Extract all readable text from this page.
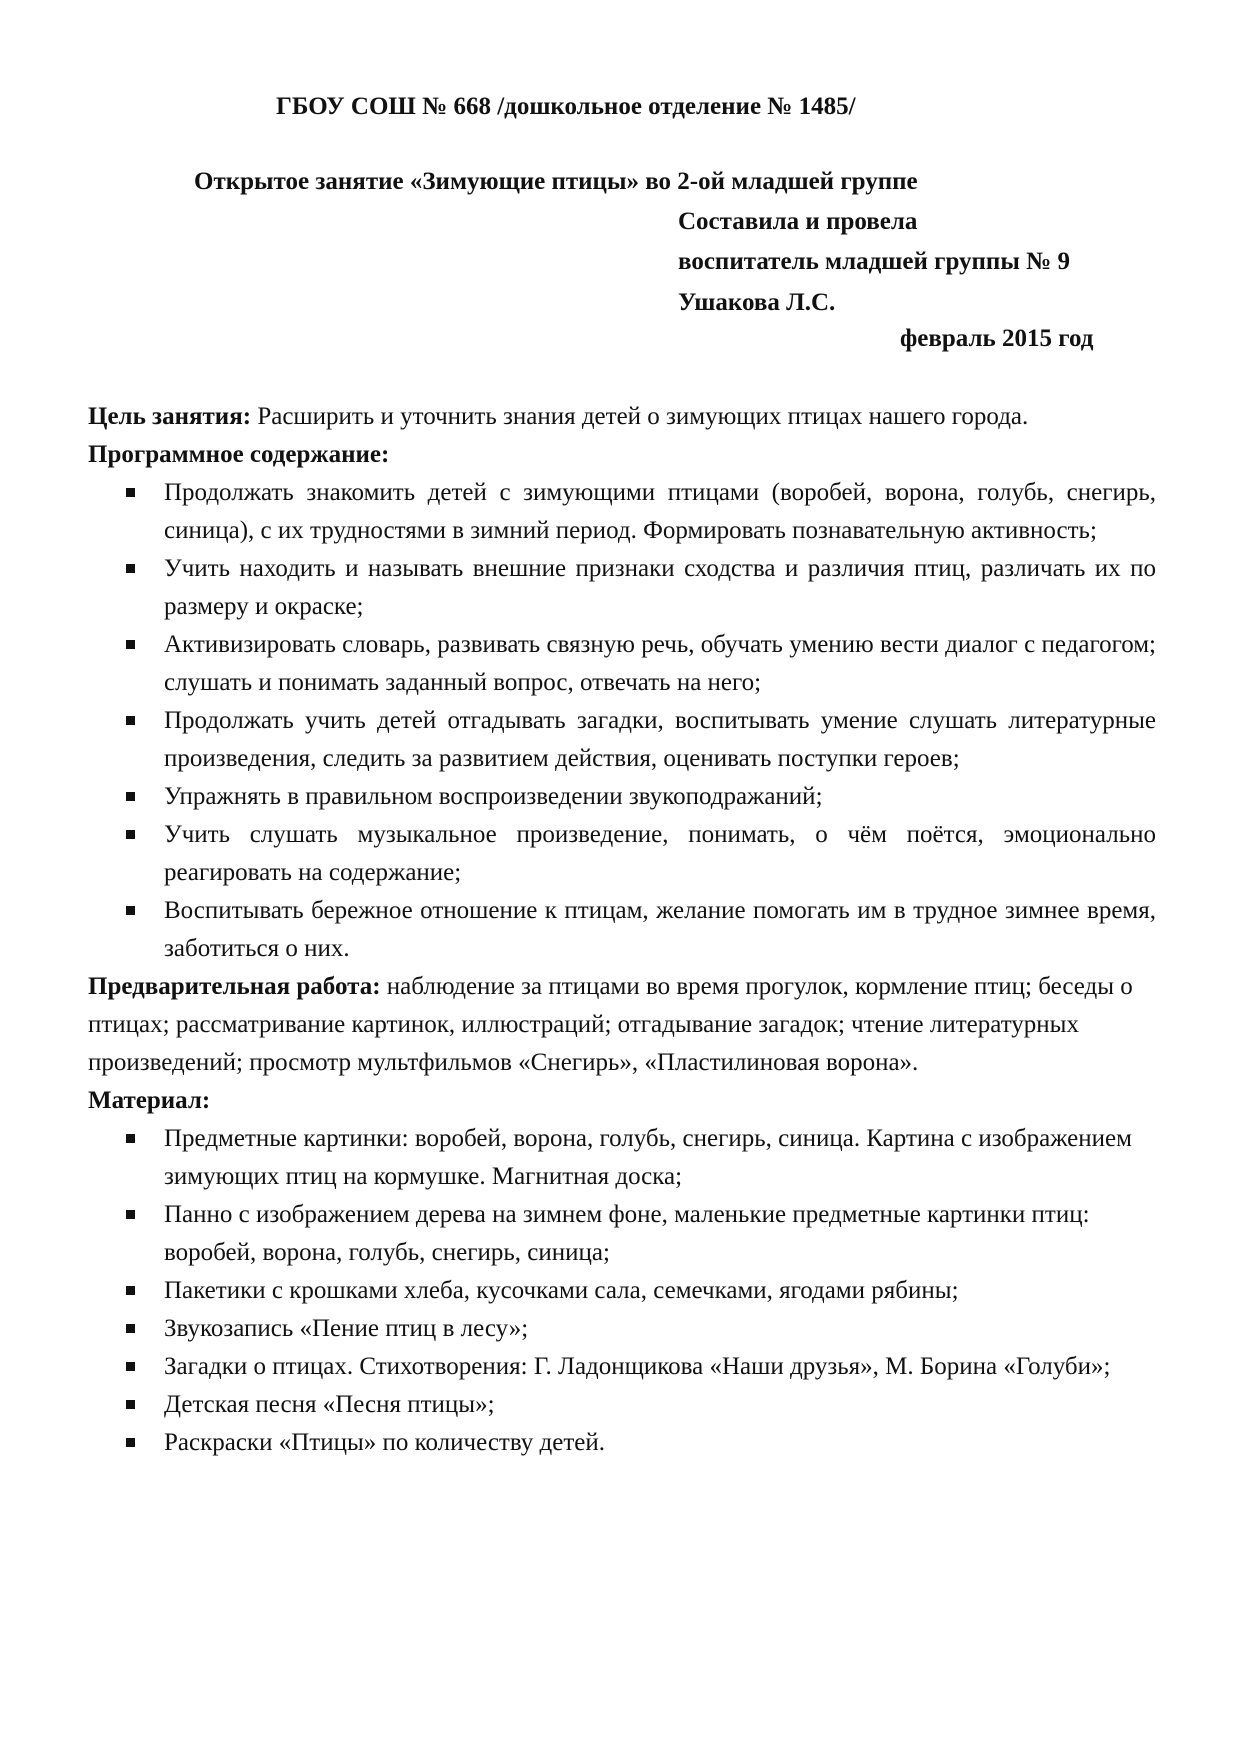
ГБОУ СОШ № 668 /дошкольное отделение № 1485/
Открытое занятие «Зимующие птицы» во 2-ой младшей группе
Составила и провела
воспитатель младшей группы № 9
Ушакова Л.С.
февраль 2015 год

Цель занятия: Расширить и уточнить знания детей о зимующих птицах нашего города.

Программное содержание:

Продолжать знакомить детей с зимующими птицами (воробей, ворона, голубь, снегирь, синица), с их трудностями в зимний период. Формировать познавательную активность;
Учить находить и называть внешние признаки сходства и различия птиц, различать их по размеру и окраске;
Активизировать словарь, развивать связную речь, обучать умению вести диалог с педагогом; слушать и понимать заданный вопрос, отвечать на него;
Продолжать учить детей отгадывать загадки, воспитывать умение слушать литературные произведения, следить за развитием действия, оценивать поступки героев;
Упражнять в правильном воспроизведении звукоподражаний;
Учить слушать музыкальное произведение, понимать, о чём поётся, эмоционально реагировать на содержание;
Воспитывать бережное отношение к птицам, желание помогать им в трудное зимнее время, заботиться о них.

Предварительная работа: наблюдение за птицами во время прогулок, кормление птиц; беседы о птицах; рассматривание картинок, иллюстраций; отгадывание загадок; чтение литературных произведений; просмотр мультфильмов «Снегирь», «Пластилиновая ворона».

Материал:

Предметные картинки: воробей, ворона, голубь, снегирь, синица. Картина с изображением зимующих птиц на кормушке. Магнитная доска;
Панно с изображением дерева на зимнем фоне, маленькие предметные картинки птиц: воробей, ворона, голубь, снегирь, синица;
Пакетики с крошками хлеба, кусочками сала, семечками, ягодами рябины;
Звукозапись «Пение птиц в лесу»;
Загадки о птицах. Стихотворения: Г. Ладонщикова «Наши друзья», М. Борина «Голуби»;
Детская песня «Песня птицы»;
Раскраски «Птицы» по количеству детей.
